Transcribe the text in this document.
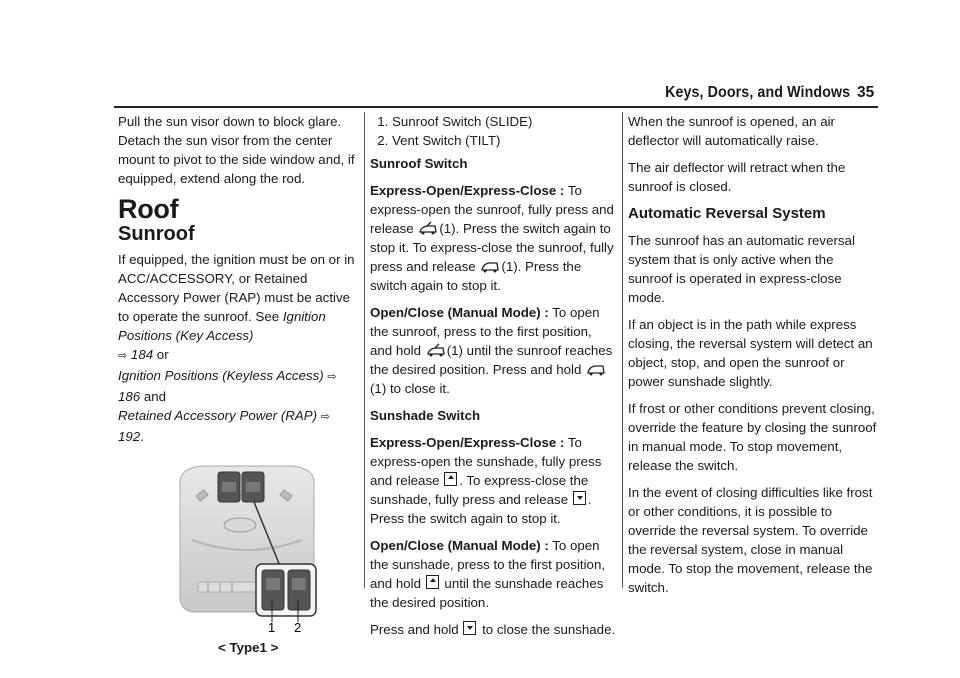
Keys, Doors, and Windows 35

Pull the sun visor down to block glare. Detach the sun visor from the center mount to pivot to the side window and, if equipped, extend along the rod.

Roof
Sunroof

If equipped, the ignition must be on or in ACC/ACCESSORY, or Retained Accessory Power (RAP) must be active to operate the sunroof. See Ignition Positions (Key Access)
⇨ 184 or
Ignition Positions (Keyless Access) ⇨ 186 and
Retained Accessory Power (RAP) ⇨ 192.

1 2
< Type1 >
1. Sunroof Switch (SLIDE)
2. Vent Switch (TILT)

Sunroof Switch

Express-Open/Express-Close : To express-open the sunroof, fully press and release (1). Press the switch again to stop it. To express-close the sunroof, fully press and release (1). Press the switch again to stop it.

Open/Close (Manual Mode) : To open the sunroof, press to the first position, and hold (1) until the sunroof reaches the desired position. Press and hold (1) to close it.

Sunshade Switch

Express-Open/Express-Close : To express-open the sunshade, fully press and release . To express-close the sunshade, fully press and release . Press the switch again to stop it.

Open/Close (Manual Mode) : To open the sunshade, press to the first position, and hold  until the sunshade reaches the desired position.

Press and hold  to close the sunshade.

When the sunroof is opened, an air deflector will automatically raise.

The air deflector will retract when the sunroof is closed.

Automatic Reversal System

The sunroof has an automatic reversal system that is only active when the sunroof is operated in express-close mode.

If an object is in the path while express closing, the reversal system will detect an object, stop, and open the sunroof or power sunshade slightly.

If frost or other conditions prevent closing, override the feature by closing the sunroof in manual mode. To stop movement, release the switch.

In the event of closing difficulties like frost or other conditions, it is possible to override the reversal system. To override the reversal system, close in manual mode. To stop the movement, release the switch.
